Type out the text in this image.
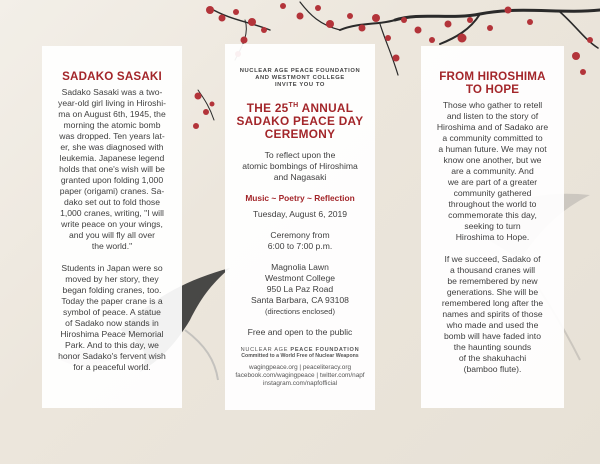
SADAKO SASAKI

Sadako Sasaki was a two-

year-old girl living in Hiroshi-

ma on August 6th, 1945, the

morning the atomic bomb

was dropped. Ten years lat-

er, she was diagnosed with

leukemia. Japanese legend

holds that one's wish will be

granted upon folding 1,000

paper (origami) cranes. Sa-

dako set out to fold those

1,000 cranes, writing, "I will

write peace on your wings,

and you will fly all over

the world."

Students in Japan were so

moved by her story, they

began folding cranes, too.

Today the paper crane is a

symbol of peace. A statue

of Sadako now stands in

Hiroshima Peace Memorial

Park. And to this day, we

honor Sadako's fervent wish

for a peaceful world.

NUCLEAR AGE PEACE FOUNDATION
AND WESTMONT COLLEGE
INVITE YOU TO
THE 25TH ANNUAL
SADAKO PEACE DAY
CEREMONY

To reflect upon the

atomic bombings of Hiroshima

and Nagasaki

Music ~ Poetry ~ Reflection
Tuesday, August 6, 2019

Ceremony from

6:00 to 7:00 p.m.

Magnolia Lawn

Westmont College

950 La Paz Road

Santa Barbara, CA 93108

(directions enclosed)

Free and open to the public
NUCLEAR AGE PEACE FOUNDATION
Committed to a World Free of Nuclear Weapons
wagingpeace.org | peaceliteracy.org
facebook.com/wagingpeace | twitter.com/napf
instagram.com/napfofficial
FROM HIROSHIMA
TO HOPE

Those who gather to retell

and listen to the story of

Hiroshima and of Sadako are

a community committed to

a human future. We may not

know one another, but we

are a community. And

we are part of a greater

community gathered

throughout the world to

commemorate this day,

seeking to turn

Hiroshima to Hope.

If we succeed, Sadako of

a thousand cranes will

be remembered by new

generations. She will be

remembered long after the

names and spirits of those

who made and used the

bomb will have faded into

the haunting sounds

of the shakuhachi

(bamboo flute).
